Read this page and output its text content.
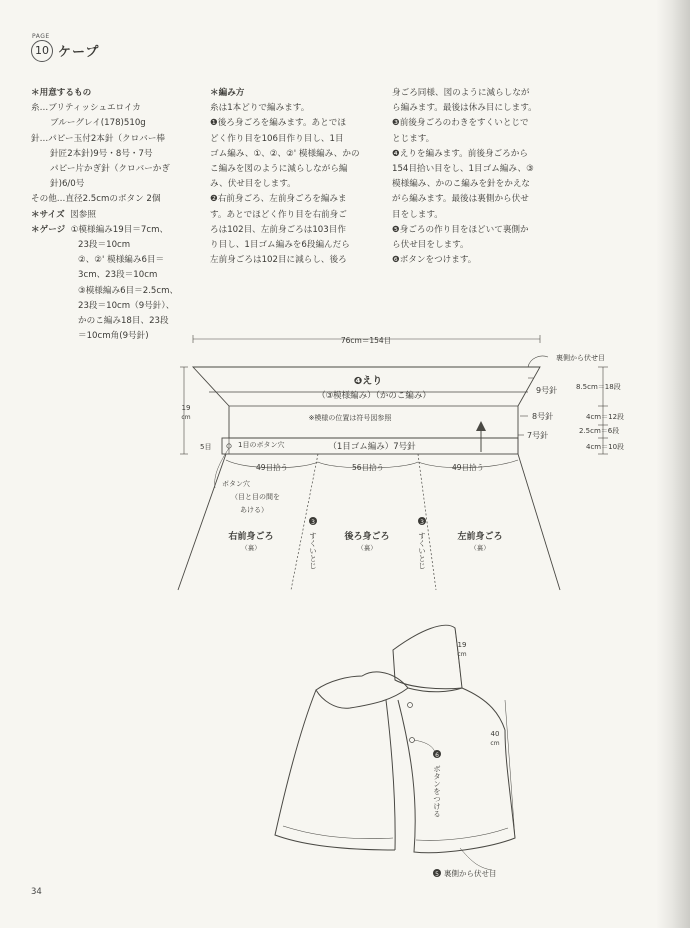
PAGE
10 ケープ

＊用意するもの

糸…ブリティッシュエロイカ

ブルーグレイ(178)510g

針…パピー玉付2本針（クロバー棒

針匠2本針)9号・8号・7号

パピー片かぎ針（クロバーかぎ

針)6/0号

その他…直径2.5cmのボタン 2個

＊サイズ 図参照

＊ゲージ ①模様編み19目＝7cm、

23段＝10cm

②、②' 模様編み6目＝

3cm、23段＝10cm

③模様編み6目＝2.5cm、

23段＝10cm（9号針）、

かのこ編み18目、23段

＝10cm角(9号針)

＊編み方

糸は1本どりで編みます。

❶後ろ身ごろを編みます。あとでほ

どく作り目を106目作り目し、1目

ゴム編み、①、②、②' 模様編み、かの

こ編みを図のように減らしながら編

み、伏せ目をします。

❷右前身ごろ、左前身ごろを編みま

す。あとでほどく作り目を右前身ご

ろは102目、左前身ごろは103目作

り目し、1目ゴム編みを6段編んだら

左前身ごろは102目に減らし、後ろ

身ごろ同様、図のように減らしなが

ら編みます。最後は休み目にします。

❸前後身ごろのわきをすくいとじで

とじます。

❹えりを編みます。前後身ごろから

154目拾い目をし、1目ゴム編み、③

模様編み、かのこ編みを針をかえな

がら編みます。最後は裏側から伏せ

目をします。

❺身ごろの作り目をほどいて裏側か

ら伏せ目をします。

❻ボタンをつけます。

76cm＝154目
裏側から伏せ目
19
cm
❹えり
（③模様編み）（かのこ編み）
※模様の位置は符号図参照
（1目ゴム編み）7号針
5目	1目のボタン穴
9号針
8号針
7号針
8.5cm＝18段
4cm＝12段
2.5cm＝6段
4cm＝10段
49目拾う	56目拾う	49目拾う
ボタン穴
（目と目の間を
あける）
右前身ごろ
（裏）
後ろ身ごろ
（裏）
左前身ごろ
（裏）
3
すくいとじ
3
すくいとじ
19
cm
40
cm
6
ボタンをつける
5 裏側から伏せ目
34
